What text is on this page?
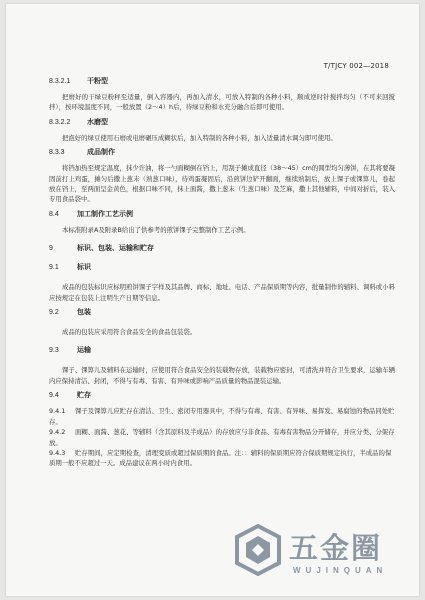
T/TJCY 002—2018
8.3.2.1 干粉型
把磨好的干绿豆粉秤至适量，倒入容器内，再加入清水，可放入特制的各种小料，顺成逆时针搅拌均匀（不可来回搅拌），按环境温度不同，一般放置（2～4）h后，待绿豆粉和水充分融合后即可使用。
8.3.2.2 水磨型
把泡好的绿豆使用石磨或电磨碾压成糊状后，加入特制的各种小料，加入适量清水调匀即可使用。
8.3.3	成品制作
将铛加热至规定温度，抹少许油，将一勺面糊倒在铛上，用刮子摊成直径（38～45）cm的圆型均匀薄饼，在其将要凝固前打上鸡蛋，摊匀后撒上葱末（熟葱口味），待鸡蛋凝固后，沿煎饼边铲开翻面，继续熟制后，放上馃子或馃箅儿，卷起放在铛上，至两面呈金黄色，根据口味不同，抹上面酱，撒上葱末（生葱口味）及芝麻，撒上其他辅料，中间对折后，装入专用食品袋中。
8.4	加工制作工艺示例
本标准附录A及附录B给出了供参考的煎饼馃子完整制作工艺示例。
9	标识、包装、运输和贮存
9.1	标识
成品的包装标识应标明煎饼馃子字样及其品牌、商标、地址、电话、产品保质期等内容，批量制作的辅料、调料或小料应按规定在包装上注明生产日期等信息。
9.2	包装
成品的包装应采用符合食品安全的食品包装袋。
9.3	运输
馃子、馃箅儿及辅料在运输时，应使用符合食品安全的装载物存放，装载物应密封，可清洗并符合卫生要求，运输车辆内应保持清洁、封闭，不得与有毒、有害、有异味或影响产品质量的物品混装运输。
9.4	贮存
9.4.1 馃子及馃箅儿应贮存在清洁、卫生、密闭专用器具中，不得与有毒、有害、有异味、易挥发、易腐蚀的物品同处贮存。
9.4.2 面糊、面酱、葱花、等辅料（含其原料及半成品）的存放应与非食品、有毒有害物品分开储存，并应分类、分架存放。
9.4.3 贮存期间，应定期检查，清理变质或超过保质期的食品。注：：辅料的保质期应符合保质期规定执行，半成品的保质期一般不应超过一天。成品建议在两小时内食用。
五金圈
WUJINQUAN
